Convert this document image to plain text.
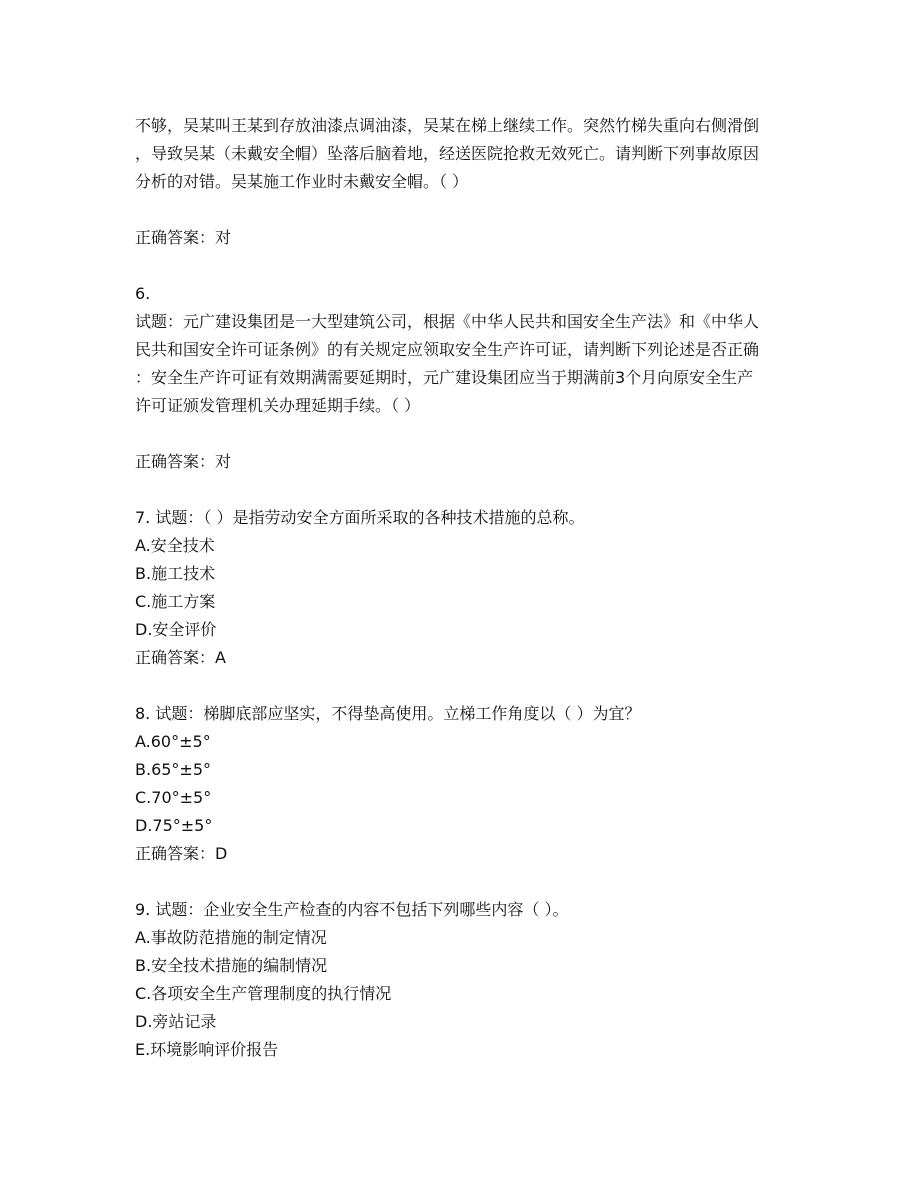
不够，吴某叫王某到存放油漆点调油漆，吴某在梯上继续工作。突然竹梯失重向右侧滑倒
，导致吴某（未戴安全帽）坠落后脑着地，经送医院抢救无效死亡。请判断下列事故原因
分析的对错。吴某施工作业时未戴安全帽。（ ）
正确答案：对
6.
试题：元广建设集团是一大型建筑公司，根据《中华人民共和国安全生产法》和《中华人
民共和国安全许可证条例》的有关规定应领取安全生产许可证，请判断下列论述是否正确
：安全生产许可证有效期满需要延期时，元广建设集团应当于期满前3个月向原安全生产
许可证颁发管理机关办理延期手续。（ ）
正确答案：对
7. 试题：（ ）是指劳动安全方面所采取的各种技术措施的总称。
A.安全技术
B.施工技术
C.施工方案
D.安全评价
正确答案：A
8. 试题：梯脚底部应坚实，不得垫高使用。立梯工作角度以（ ）为宜？
A.60°±5°
B.65°±5°
C.70°±5°
D.75°±5°
正确答案：D
9. 试题：企业安全生产检查的内容不包括下列哪些内容（ ）。
A.事故防范措施的制定情况
B.安全技术措施的编制情况
C.各项安全生产管理制度的执行情况
D.旁站记录
E.环境影响评价报告
